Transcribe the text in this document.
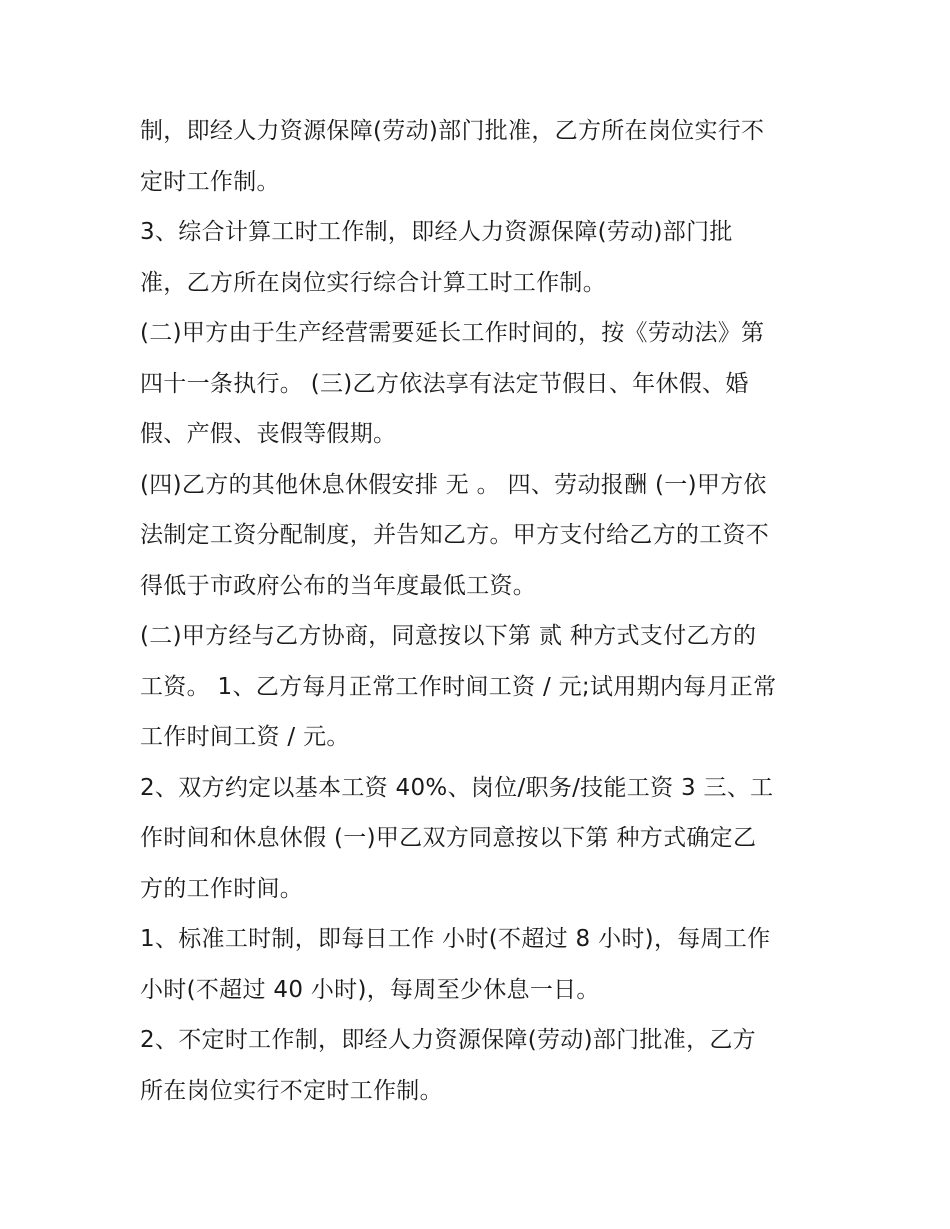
制，即经人力资源保障(劳动)部门批准，乙方所在岗位实行不
定时工作制。
3、综合计算工时工作制，即经人力资源保障(劳动)部门批
准，乙方所在岗位实行综合计算工时工作制。
(二)甲方由于生产经营需要延长工作时间的，按《劳动法》第
四十一条执行。 (三)乙方依法享有法定节假日、年休假、婚
假、产假、丧假等假期。
(四)乙方的其他休息休假安排 无 。 四、劳动报酬 (一)甲方依
法制定工资分配制度，并告知乙方。甲方支付给乙方的工资不
得低于市政府公布的当年度最低工资。
(二)甲方经与乙方协商，同意按以下第 贰 种方式支付乙方的
工资。 1、乙方每月正常工作时间工资 / 元;试用期内每月正常
工作时间工资 / 元。
2、双方约定以基本工资 40%、岗位/职务/技能工资 3 三、工
作时间和休息休假 (一)甲乙双方同意按以下第 种方式确定乙
方的工作时间。
1、标准工时制，即每日工作 小时(不超过 8 小时)，每周工作
小时(不超过 40 小时)，每周至少休息一日。
2、不定时工作制，即经人力资源保障(劳动)部门批准，乙方
所在岗位实行不定时工作制。
